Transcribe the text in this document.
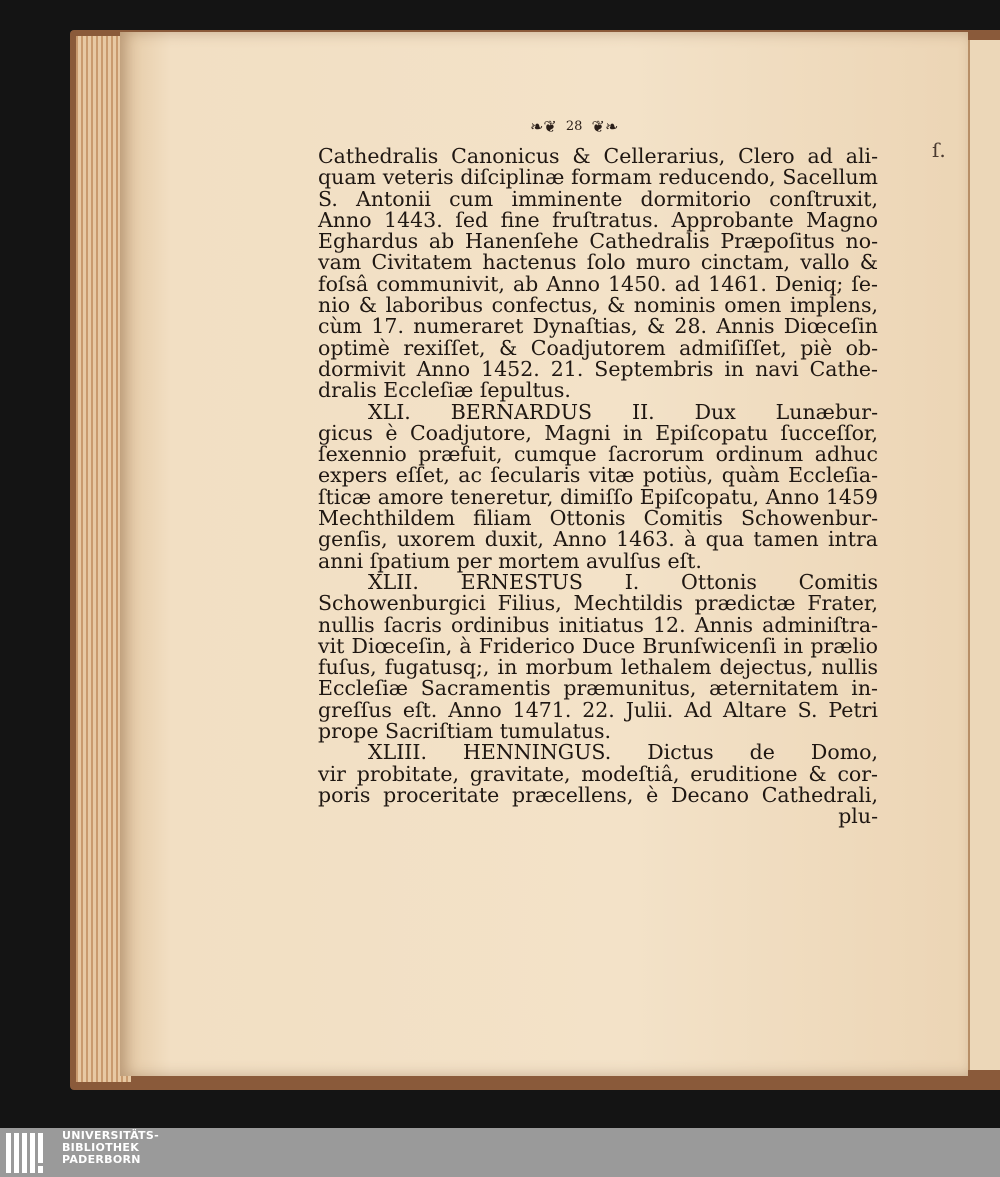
ſ.
❧❦ 28 ❦❧
Cathedralis Canonicus & Cellerarius, Clero ad ali-
quam veteris diſciplinæ formam reducendo, Sacellum
S. Antonii cum imminente dormitorio conſtruxit,
Anno 1443. ſed fine fruſtratus. Approbante Magno
Eghardus ab Hanenſehe Cathedralis Præpoſitus no-
vam Civitatem hactenus ſolo muro cinctam, vallo &
foſsâ communivit, ab Anno 1450. ad 1461. Deniq; ſe-
nio & laboribus confectus, & nominis omen implens,
cùm 17. numeraret Dynaſtias, & 28. Annis Diœceſin
optimè rexiſſet, & Coadjutorem admiſiſſet, piè ob-
dormivit Anno 1452. 21. Septembris in navi Cathe-
dralis Eccleſiæ ſepultus.
XLI. BERNARDUS II. Dux Lunæbur-
gicus è Coadjutore, Magni in Epiſcopatu ſucceſſor,
ſexennio præfuit, cumque ſacrorum ordinum adhuc
expers eſſet, ac ſecularis vitæ potiùs, quàm Eccleſia-
ſticæ amore teneretur, dimiſſo Epiſcopatu, Anno 1459
Mechthildem filiam Ottonis Comitis Schowenbur-
genſis, uxorem duxit, Anno 1463. à qua tamen intra
anni ſpatium per mortem avulſus eſt.
XLII. ERNESTUS I. Ottonis Comitis
Schowenburgici Filius, Mechtildis prædictæ Frater,
nullis ſacris ordinibus initiatus 12. Annis adminiſtra-
vit Diœceſin, à Friderico Duce Brunſwicenſi in prælio
fuſus, fugatusq;, in morbum lethalem dejectus, nullis
Eccleſiæ Sacramentis præmunitus, æternitatem in-
greſſus eſt. Anno 1471. 22. Julii. Ad Altare S. Petri
prope Sacriſtiam tumulatus.
XLIII. HENNINGUS. Dictus de Domo,
vir probitate, gravitate, modeſtiâ, eruditione & cor-
poris proceritate præcellens, è Decano Cathedrali,
plu-
UNIVERSITÄTS-
BIBLIOTHEK
PADERBORN
